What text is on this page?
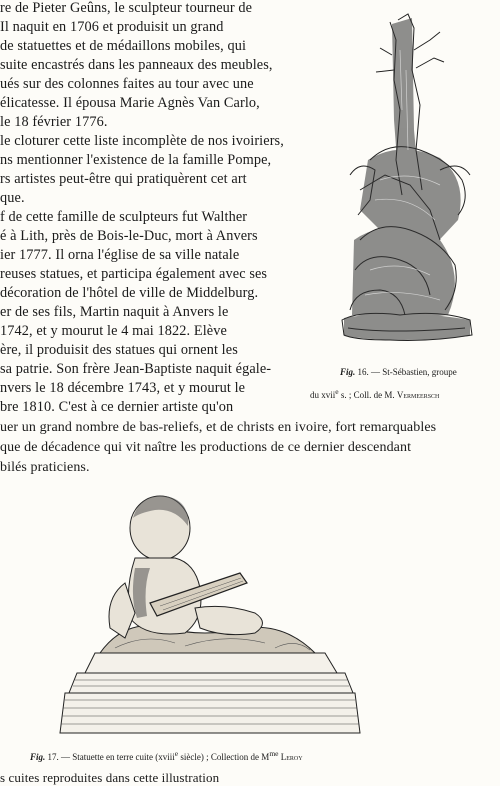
re de Pieter Geûns, le sculpteur tourneur de
Il naquit en 1706 et produisit un grand
de statuettes et de médaillons mobiles, qui
suite encastrés dans les panneaux des meubles,
ués sur des colonnes faites au tour avec une
élicatesse. Il épousa Marie Agnès Van Carlo,
le 18 février 1776.
le cloturer cette liste incomplète de nos ivoiriers,
ns mentionner l'existence de la famille Pompe,
rs artistes peut-être qui pratiquèrent cet art
que.
f de cette famille de sculpteurs fut Walther
é à Lith, près de Bois-le-Duc, mort à Anvers
ier 1777. Il orna l'église de sa ville natale
reuses statues, et participa également avec ses
décoration de l'hôtel de ville de Middelburg.
er de ses fils, Martin naquit à Anvers le
1742, et y mourut le 4 mai 1822. Elève
ère, il produisit des statues qui ornent les
sa patrie. Son frère Jean-Baptiste naquit égale-
nvers le 18 décembre 1743, et y mourut le
bre 1810. C'est à ce dernier artiste qu'on
uer un grand nombre de bas-reliefs, et de christs en ivoire, fort remarquables
que de décadence qui vit naître les productions de ce dernier descendant
bilés praticiens.
Fig. 16. — St-Sébastien, groupe
du xvii$^e$ s. ; Coll. de M. Vermeersch
Fig. 17. — Statuette en terre cuite (xviii$^e$ siècle) ; Collection de $M^{me}$ Leroy
s cuites reproduites dans cette illustration
